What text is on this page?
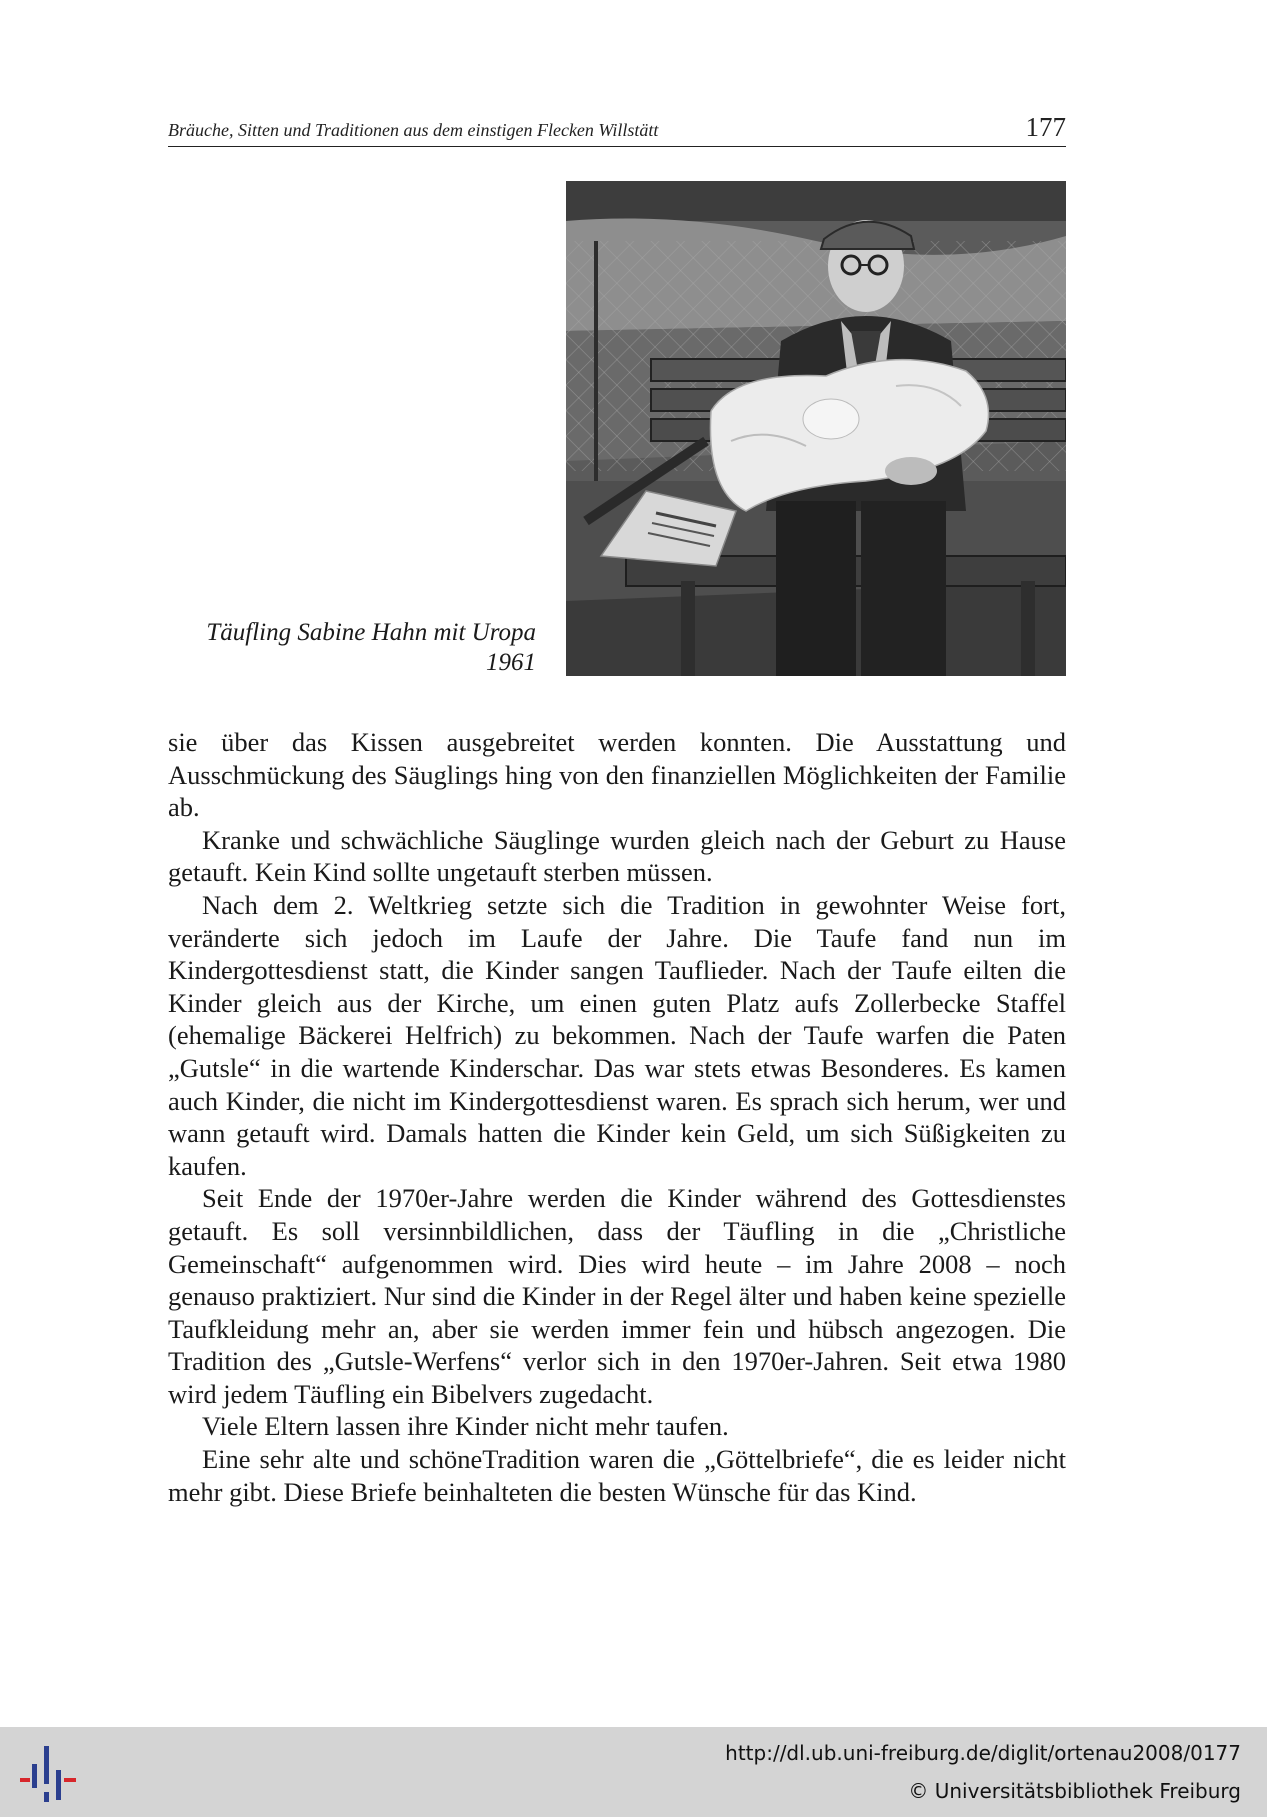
Bräuche, Sitten und Traditionen aus dem einstigen Flecken Willstätt	177
Täufling Sabine Hahn mit Uropa
1961

sie über das Kissen ausgebreitet werden konnten. Die Ausstattung und Ausschmückung des Säuglings hing von den finanziellen Möglichkeiten der Familie ab.

Kranke und schwächliche Säuglinge wurden gleich nach der Geburt zu Hause getauft. Kein Kind sollte ungetauft sterben müssen.

Nach dem 2. Weltkrieg setzte sich die Tradition in gewohnter Weise fort, veränderte sich jedoch im Laufe der Jahre. Die Taufe fand nun im Kindergottesdienst statt, die Kinder sangen Tauflieder. Nach der Taufe eilten die Kinder gleich aus der Kirche, um einen guten Platz aufs Zollerbecke Staffel (ehemalige Bäckerei Helfrich) zu bekommen. Nach der Taufe warfen die Paten „Gutsle“ in die wartende Kinderschar. Das war stets etwas Besonderes. Es kamen auch Kinder, die nicht im Kindergottesdienst waren. Es sprach sich herum, wer und wann getauft wird. Damals hatten die Kinder kein Geld, um sich Süßigkeiten zu kaufen.

Seit Ende der 1970er-Jahre werden die Kinder während des Gottesdienstes getauft. Es soll versinnbildlichen, dass der Täufling in die „Christliche Gemeinschaft“ aufgenommen wird. Dies wird heute – im Jahre 2008 – noch genauso praktiziert. Nur sind die Kinder in der Regel älter und haben keine spezielle Taufkleidung mehr an, aber sie werden immer fein und hübsch angezogen. Die Tradition des „Gutsle-Werfens“ verlor sich in den 1970er-Jahren. Seit etwa 1980 wird jedem Täufling ein Bibelvers zugedacht.

Viele Eltern lassen ihre Kinder nicht mehr taufen.

Eine sehr alte und schöneTradition waren die „Göttelbriefe“, die es leider nicht mehr gibt. Diese Briefe beinhalteten die besten Wünsche für das Kind.

http://dl.ub.uni-freiburg.de/diglit/ortenau2008/0177
© Universitätsbibliothek Freiburg
